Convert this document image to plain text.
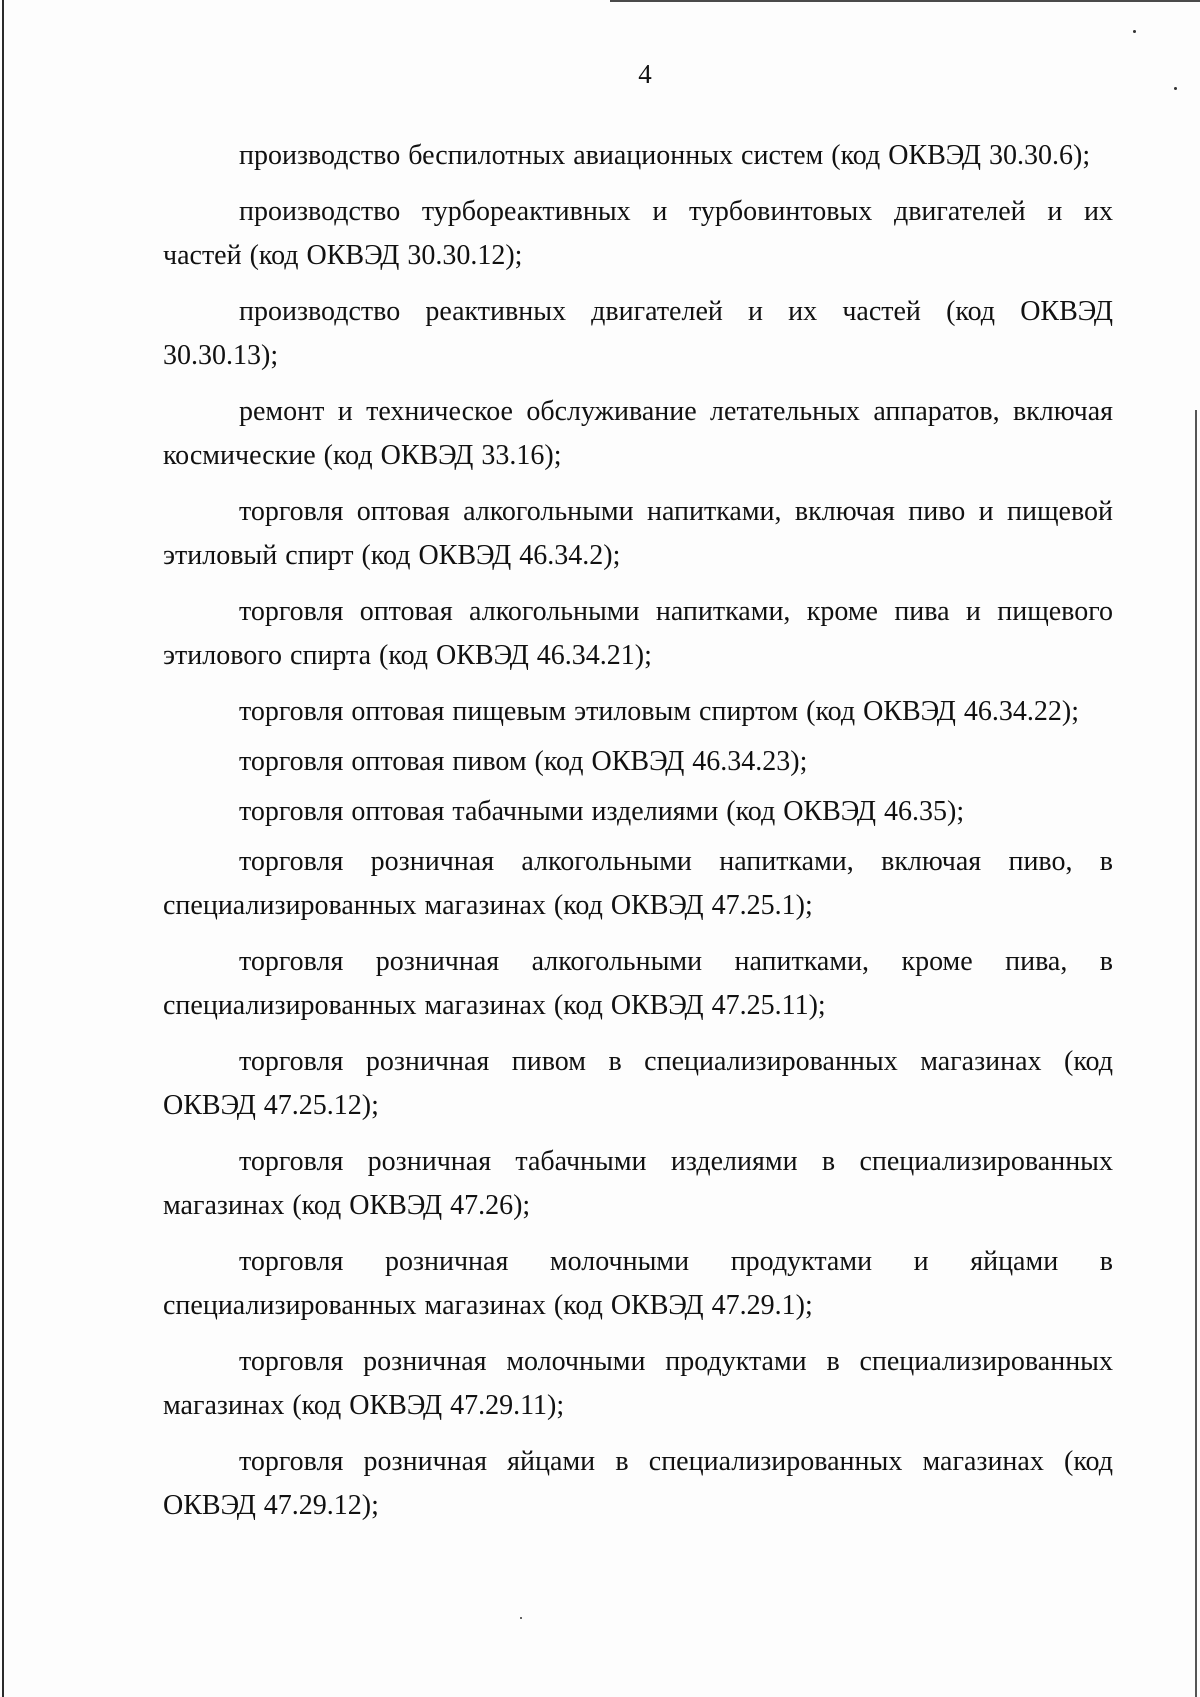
4

производство беспилотных авиационных систем (код ОКВЭД 30.30.6);

производство турбореактивных и турбовинтовых двигателей и их частей (код ОКВЭД 30.30.12);

производство реактивных двигателей и их частей (код ОКВЭД 30.30.13);

ремонт и техническое обслуживание летательных аппаратов, включая космические (код ОКВЭД 33.16);

торговля оптовая алкогольными напитками, включая пиво и пищевой этиловый спирт (код ОКВЭД 46.34.2);

торговля оптовая алкогольными напитками, кроме пива и пищевого этилового спирта (код ОКВЭД 46.34.21);

торговля оптовая пищевым этиловым спиртом (код ОКВЭД 46.34.22);

торговля оптовая пивом (код ОКВЭД 46.34.23);

торговля оптовая табачными изделиями (код ОКВЭД 46.35);

торговля розничная алкогольными напитками, включая пиво, в специализированных магазинах (код ОКВЭД 47.25.1);

торговля розничная алкогольными напитками, кроме пива, в специализированных магазинах (код ОКВЭД 47.25.11);

торговля розничная пивом в специализированных магазинах (код ОКВЭД 47.25.12);

торговля розничная табачными изделиями в специализированных магазинах (код ОКВЭД 47.26);

торговля розничная молочными продуктами и яйцами в специализированных магазинах (код ОКВЭД 47.29.1);

торговля розничная молочными продуктами в специализированных магазинах (код ОКВЭД 47.29.11);

торговля розничная яйцами в специализированных магазинах (код ОКВЭД 47.29.12);
